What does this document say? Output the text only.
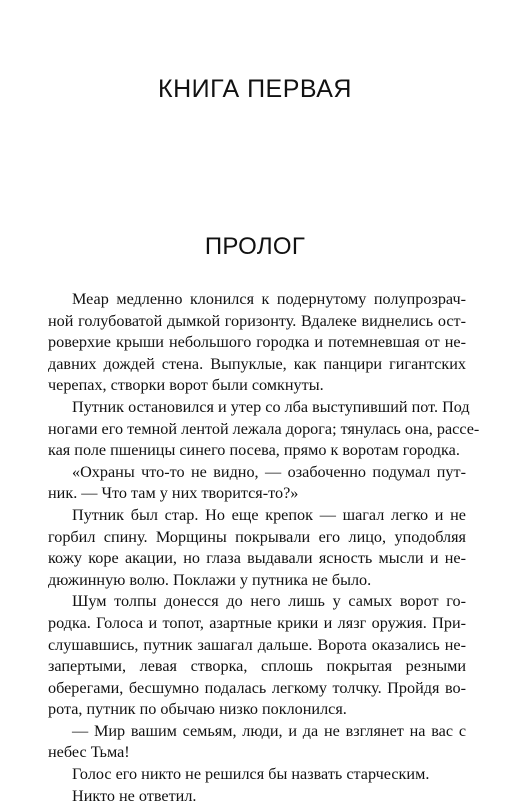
КНИГА ПЕРВАЯ
ПРОЛОГ
Меар медленно клонился к подернутому полупрозрач-
ной голубоватой дымкой горизонту. Вдалеке виднелись ост-
роверхие крыши небольшого городка и потемневшая от не-
давних дождей стена. Выпуклые, как панцири гигантских
черепах, створки ворот были сомкнуты.
Путник остановился и утер со лба выступивший пот. Под
ногами его темной лентой лежала дорога; тянулась она, рассе-
кая поле пшеницы синего посева, прямо к воротам городка.
«Охраны что-то не видно, — озабоченно подумал пут-
ник. — Что там у них творится-то?»
Путник был стар. Но еще крепок — шагал легко и не
горбил спину. Морщины покрывали его лицо, уподобляя
кожу коре акации, но глаза выдавали ясность мысли и не-
дюжинную волю. Поклажи у путника не было.
Шум толпы донесся до него лишь у самых ворот го-
родка. Голоса и топот, азартные крики и лязг оружия. При-
слушавшись, путник зашагал дальше. Ворота оказались не-
запертыми, левая створка, сплошь покрытая резными
оберегами, бесшумно подалась легкому толчку. Пройдя во-
рота, путник по обычаю низко поклонился.
— Мир вашим семьям, люди, и да не взглянет на вас с
небес Тьма!
Голос его никто не решился бы назвать старческим.
Никто не ответил.
